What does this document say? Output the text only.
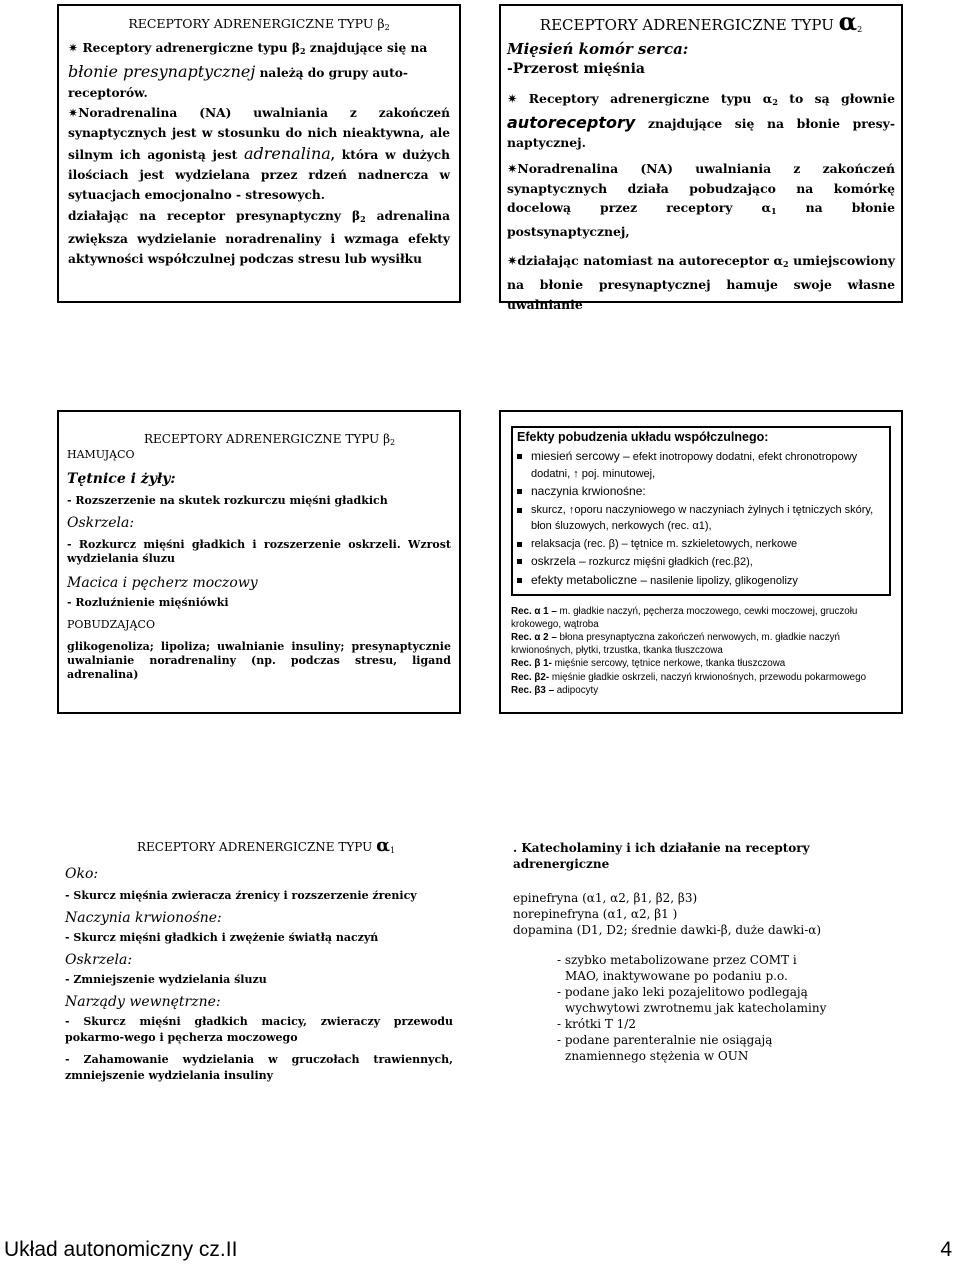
RECEPTORY ADRENERGICZNE TYPU $\beta_2$

✷ Receptory adrenergiczne typu $\beta_2$ znajdujące się na błonie presynaptycznej należą do grupy auto-receptorów.

✷Noradrenalina (NA) uwalniania z zakończeń synaptycznych jest w stosunku do nich nieaktywna, ale silnym ich agonistą jest adrenalina, która w dużych ilościach jest wydzielana przez rdzeń nadnercza w sytuacjach emocjonalno - stresowych.

działając na receptor presynaptyczny $\beta_2$ adrenalina zwiększa wydzielanie noradrenaliny i wzmaga efekty aktywności współczulnej podczas stresu lub wysiłku

RECEPTORY ADRENERGICZNE TYPU $\alpha_2$

Mięsień komór serca:

-Przerost mięśnia

✷ Receptory adrenergiczne typu $\alpha_2$ to są głownie autoreceptory znajdujące się na błonie presy-naptycznej.

✷Noradrenalina (NA) uwalniania z zakończeń synaptycznych działa pobudzająco na komórkę docelową przez receptory $\alpha_1$ na błonie postsynaptycznej,

✷działając natomiast na autoreceptor $\alpha_2$ umiejscowiony na błonie presynaptycznej hamuje swoje własne uwalnianie

RECEPTORY ADRENERGICZNE TYPU $\beta_2$

HAMUJĄCO

Tętnice i żyły:

- Rozszerzenie na skutek rozkurczu mięśni gładkich

Oskrzela:

- Rozkurcz mięśni gładkich i rozszerzenie oskrzeli. Wzrost wydzielania śluzu

Macica i pęcherz moczowy

- Rozluźnienie mięśniówki

POBUDZAJĄCO

glikogenoliza; lipoliza; uwalnianie insuliny; presynaptycznie uwalnianie noradrenaliny (np. podczas stresu, ligand adrenalina)

Efekty pobudzenia układu współczulnego:

miesień sercowy – efekt inotropowy dodatni, efekt chronotropowy dodatni, ↑ poj. minutowej,
naczynia krwionośne:
skurcz, ↑oporu naczyniowego w naczyniach żylnych i tętniczych skóry, błon śluzowych, nerkowych (rec. α1),
relaksacja (rec. β) – tętnice m. szkieletowych, nerkowe
oskrzela – rozkurcz mięśni gładkich (rec.β2),
efekty metaboliczne – nasilenie lipolizy, glikogenolizy

Rec. α 1 – m. gładkie naczyń, pęcherza moczowego, cewki moczowej, gruczołu krokowego, wątroba

Rec. α 2 – błona presynaptyczna zakończeń nerwowych, m. gładkie naczyń krwionośnych, płytki, trzustka, tkanka tłuszczowa

Rec. β 1- mięśnie sercowy, tętnice nerkowe, tkanka tłuszczowa

Rec. β2- mięśnie gładkie oskrzeli, naczyń krwionośnych, przewodu pokarmowego

Rec. β3 – adipocyty

RECEPTORY ADRENERGICZNE TYPU $\alpha_1$

Oko:

- Skurcz mięśnia zwieracza źrenicy i rozszerzenie źrenicy

Naczynia krwionośne:

- Skurcz mięśni gładkich i zwężenie światłą naczyń

Oskrzela:

- Zmniejszenie wydzielania śluzu

Narządy wewnętrzne:

- Skurcz mięśni gładkich macicy, zwieraczy przewodu pokarmo-wego i pęcherza moczowego

- Zahamowanie wydzielania w gruczołach trawiennych, zmniejszenie wydzielania insuliny

. Katecholaminy i ich działanie na receptory adrenergiczne

epinefryna (α1, α2, β1, β2, β3)

norepinefryna (α1, α2, β1 )

dopamina (D1, D2; średnie dawki-β, duże dawki-α)

- szybko metabolizowane przez COMT i

MAO, inaktywowane po podaniu p.o.

- podane jako leki pozajelitowo podlegają

wychwytowi zwrotnemu jak katecholaminy

- krótki T 1/2

- podane parenteralnie nie osiągają

znamiennego stężenia w OUN

Układ autonomiczny cz.II	4
